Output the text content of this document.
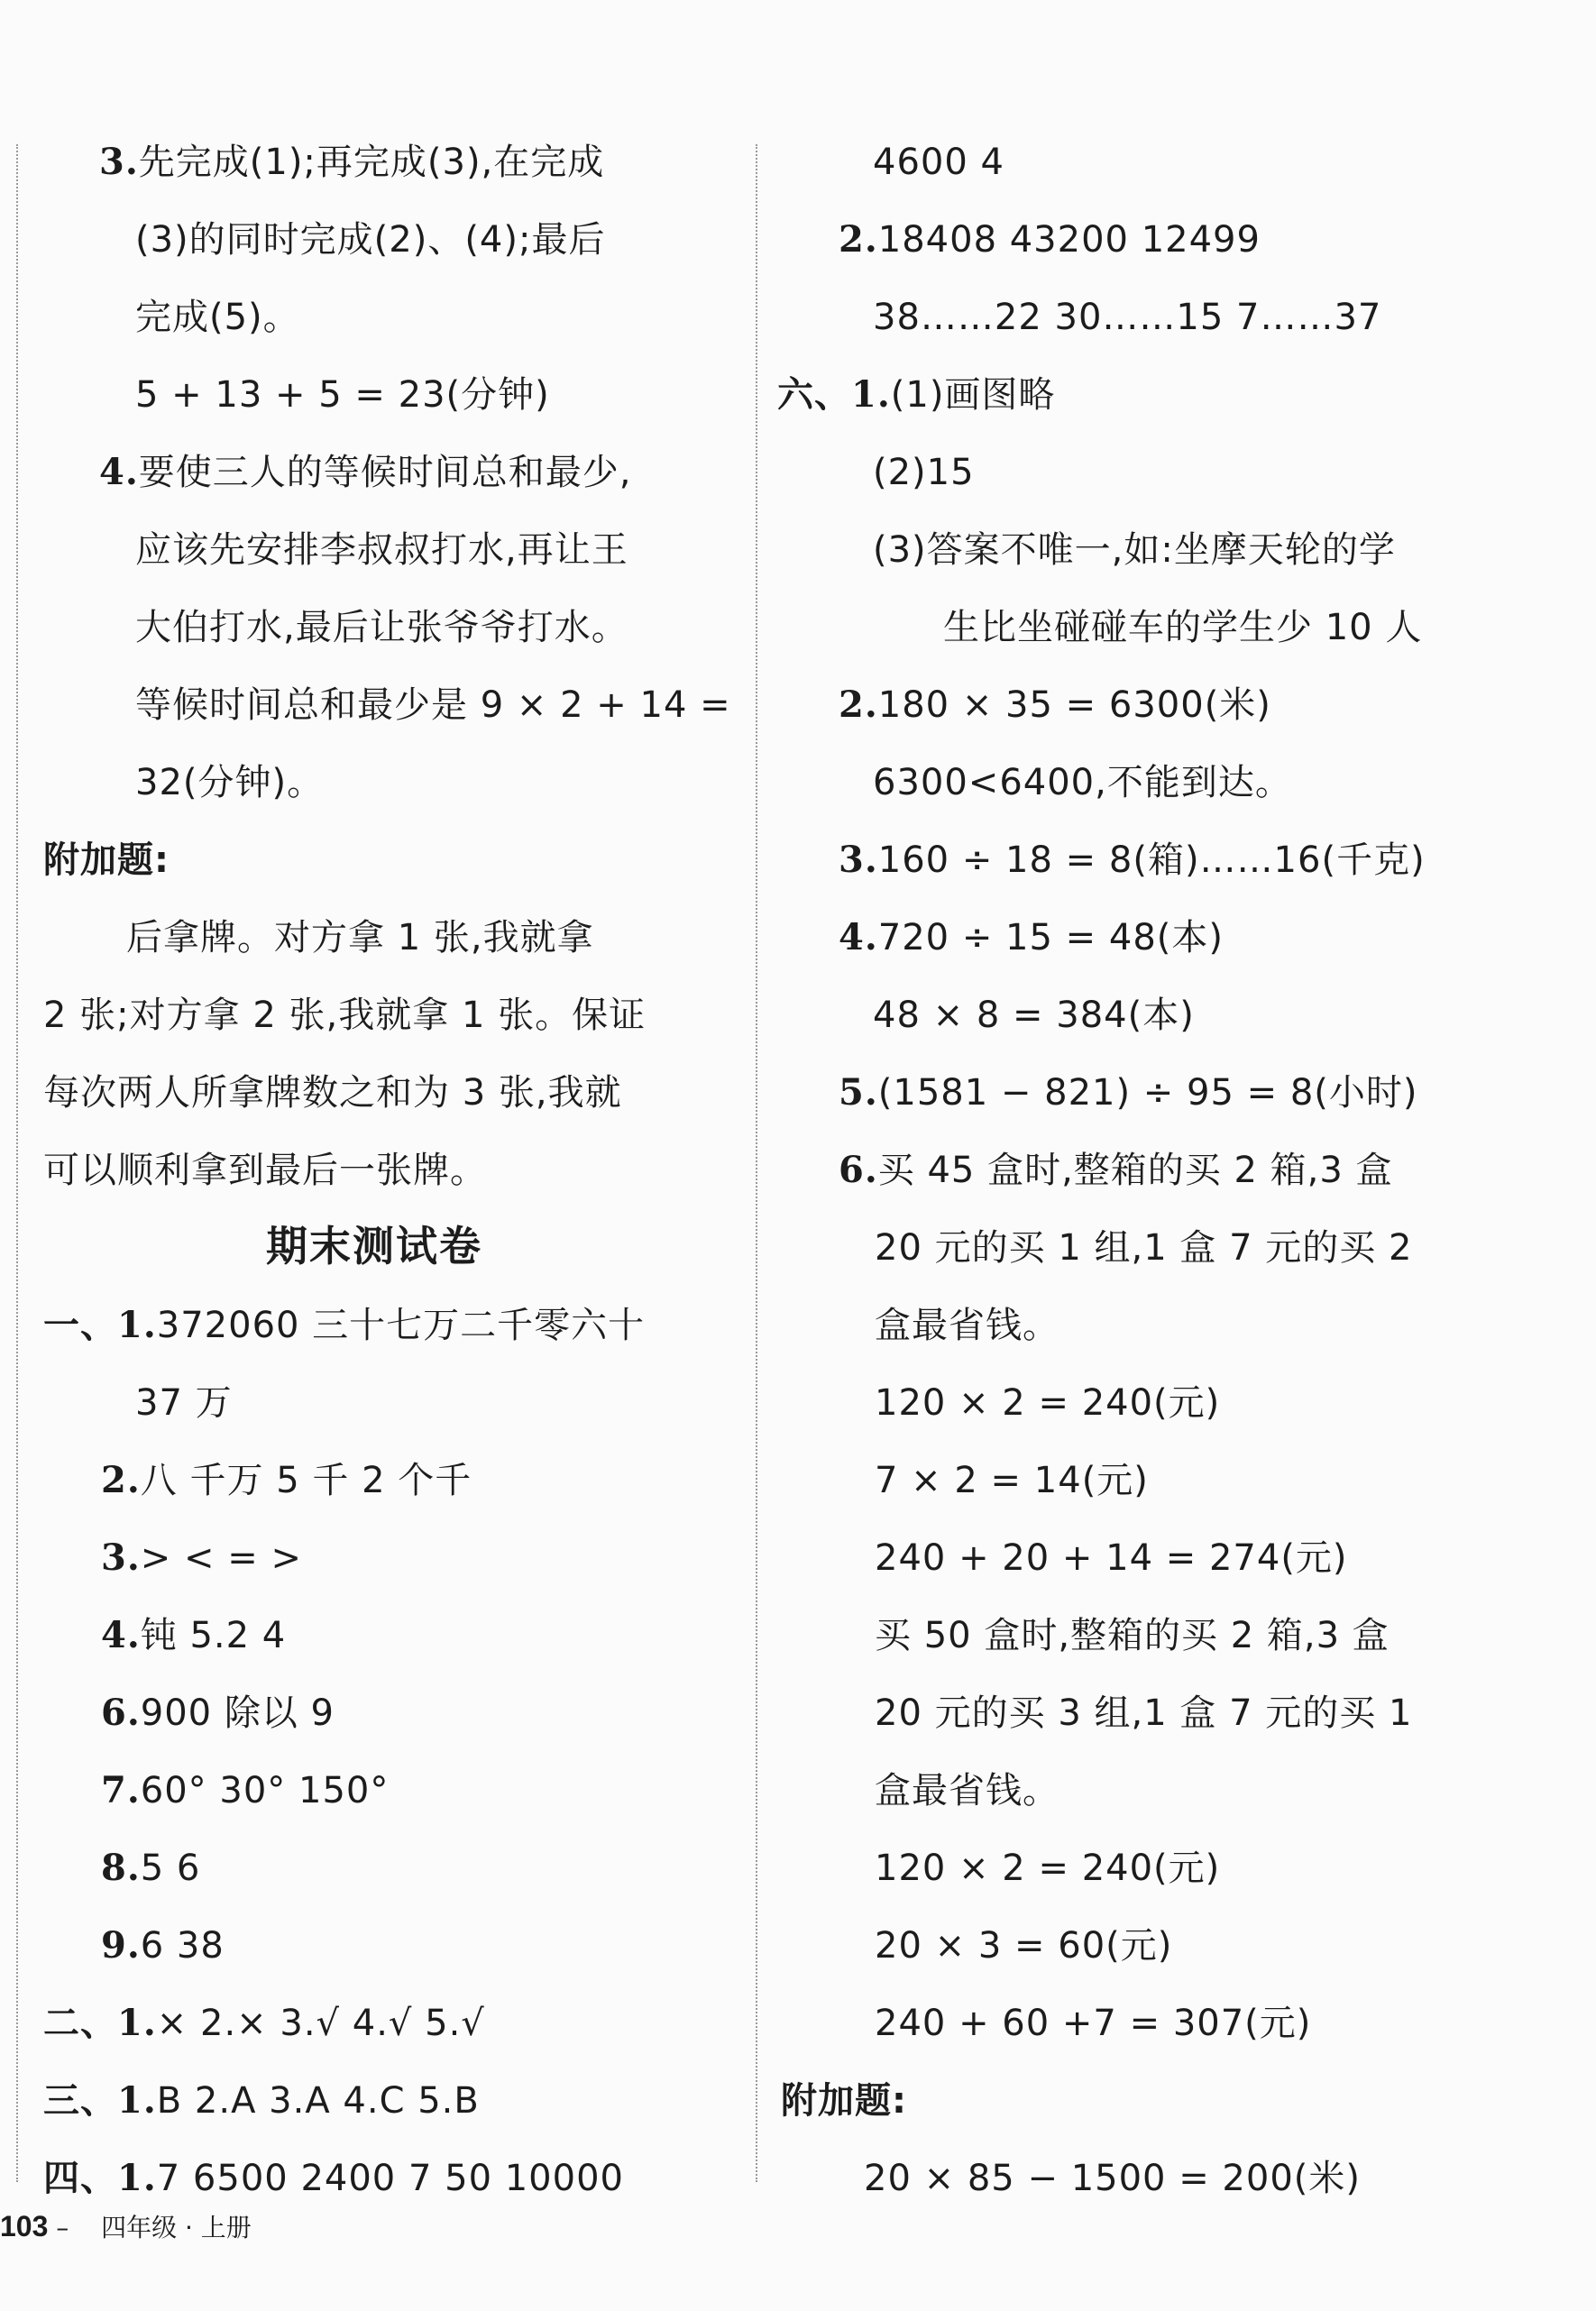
3.先完成(1);再完成(3),在完成
(3)的同时完成(2)、(4);最后
完成(5)。
5 + 13 + 5 = 23(分钟)
4.要使三人的等候时间总和最少,
应该先安排李叔叔打水,再让王
大伯打水,最后让张爷爷打水。
等候时间总和最少是 9 × 2 + 14 =
32(分钟)。
附加题:
后拿牌。对方拿 1 张,我就拿
2 张;对方拿 2 张,我就拿 1 张。保证
每次两人所拿牌数之和为 3 张,我就
可以顺利拿到最后一张牌。
期末测试卷
一、1.372060 三十七万二千零六十
37 万
2.八 千万 5 千 2 个千
3.> < = >
4.钝 5.2 4
6.900 除以 9
7.60° 30° 150°
8.5 6
9.6 38
二、1.× 2.× 3.√ 4.√ 5.√
三、1.B 2.A 3.A 4.C 5.B
四、1.7 6500 2400 7 50 10000
4600 4
2.18408 43200 12499
38……22 30……15 7……37
六、1.(1)画图略
(2)15
(3)答案不唯一,如:坐摩天轮的学
生比坐碰碰车的学生少 10 人
2.180 × 35 = 6300(米)
6300<6400,不能到达。
3.160 ÷ 18 = 8(箱)……16(千克)
4.720 ÷ 15 = 48(本)
48 × 8 = 384(本)
5.(1581 − 821) ÷ 95 = 8(小时)
6.买 45 盒时,整箱的买 2 箱,3 盒
20 元的买 1 组,1 盒 7 元的买 2
盒最省钱。
120 × 2 = 240(元)
7 × 2 = 14(元)
240 + 20 + 14 = 274(元)
买 50 盒时,整箱的买 2 箱,3 盒
20 元的买 3 组,1 盒 7 元的买 1
盒最省钱。
120 × 2 = 240(元)
20 × 3 = 60(元)
240 + 60 +7 = 307(元)
附加题:
20 × 85 − 1500 = 200(米)
103 – 四年级 · 上册
